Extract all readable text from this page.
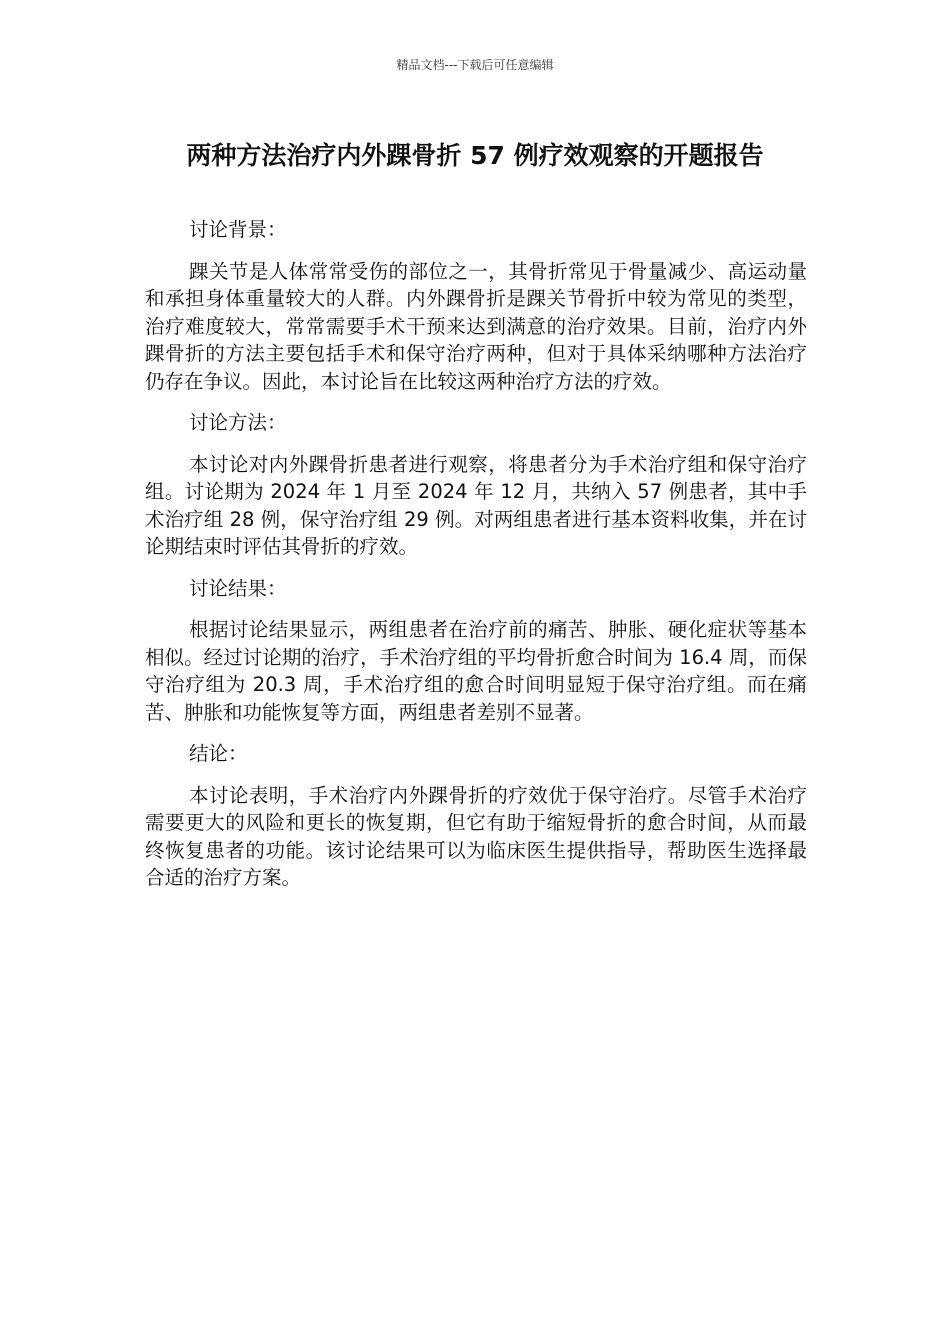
精品文档---下载后可任意编辑
两种方法治疗内外踝骨折 57 例疗效观察的开题报告

讨论背景：

踝关节是人体常常受伤的部位之一，其骨折常见于骨量减少、高运动量和承担身体重量较大的人群。内外踝骨折是踝关节骨折中较为常见的类型，治疗难度较大，常常需要手术干预来达到满意的治疗效果。目前，治疗内外踝骨折的方法主要包括手术和保守治疗两种，但对于具体采纳哪种方法治疗仍存在争议。因此，本讨论旨在比较这两种治疗方法的疗效。

讨论方法：

本讨论对内外踝骨折患者进行观察，将患者分为手术治疗组和保守治疗组。讨论期为 2024 年 1 月至 2024 年 12 月，共纳入 57 例患者，其中手术治疗组 28 例，保守治疗组 29 例。对两组患者进行基本资料收集，并在讨论期结束时评估其骨折的疗效。

讨论结果：

根据讨论结果显示，两组患者在治疗前的痛苦、肿胀、硬化症状等基本相似。经过讨论期的治疗，手术治疗组的平均骨折愈合时间为 16.4 周，而保守治疗组为 20.3 周，手术治疗组的愈合时间明显短于保守治疗组。而在痛苦、肿胀和功能恢复等方面，两组患者差别不显著。

结论：

本讨论表明，手术治疗内外踝骨折的疗效优于保守治疗。尽管手术治疗需要更大的风险和更长的恢复期，但它有助于缩短骨折的愈合时间，从而最终恢复患者的功能。该讨论结果可以为临床医生提供指导，帮助医生选择最合适的治疗方案。
